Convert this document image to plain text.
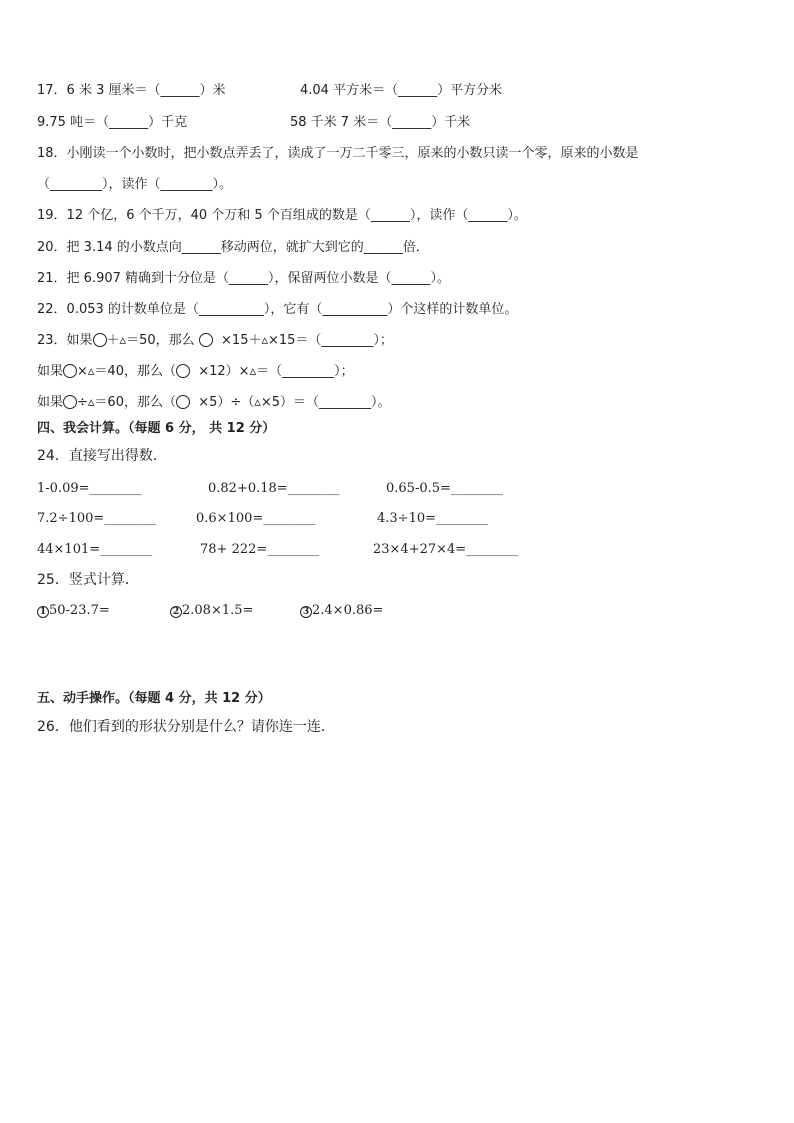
17．6 米 3 厘米＝（______）米	4.04 平方米＝（______）平方分米
9.75 吨＝（______）千克	58 千米 7 米＝（______）千米
18．小刚读一个小数时，把小数点弄丢了，读成了一万二千零三，原来的小数只读一个零，原来的小数是
（________），读作（________）。
19．12 个亿，6 个千万，40 个万和 5 个百组成的数是（______），读作（______）。
20．把 3.14 的小数点向______移动两位，就扩大到它的______倍．
21．把 6.907 精确到十分位是（______），保留两位小数是（______）。
22．0.053 的计数单位是（__________），它有（__________）个这样的计数单位。
23．如果 ＋▵＝50，那么 ×15＋▵×15＝（________）；
如果 ×▵＝40，那么（ ×12）×▵＝（________）；
如果 ÷▵＝60，那么（ ×5）÷（▵×5）＝（________）。
四、我会计算。（每题 6 分， 共 12 分）
24．直接写出得数．
1-0.09=________	0.82+0.18=________	0.65-0.5=________
7.2÷100=________	0.6×100=________	4.3÷10=________
44×101=________	78+ 222=________	23×4+27×4=________
25．竖式计算．
1 50-23.7=	2 2.08×1.5=	3 2.4×0.86=
五、动手操作。（每题 4 分，共 12 分）
26．他们看到的形状分别是什么？请你连一连．
